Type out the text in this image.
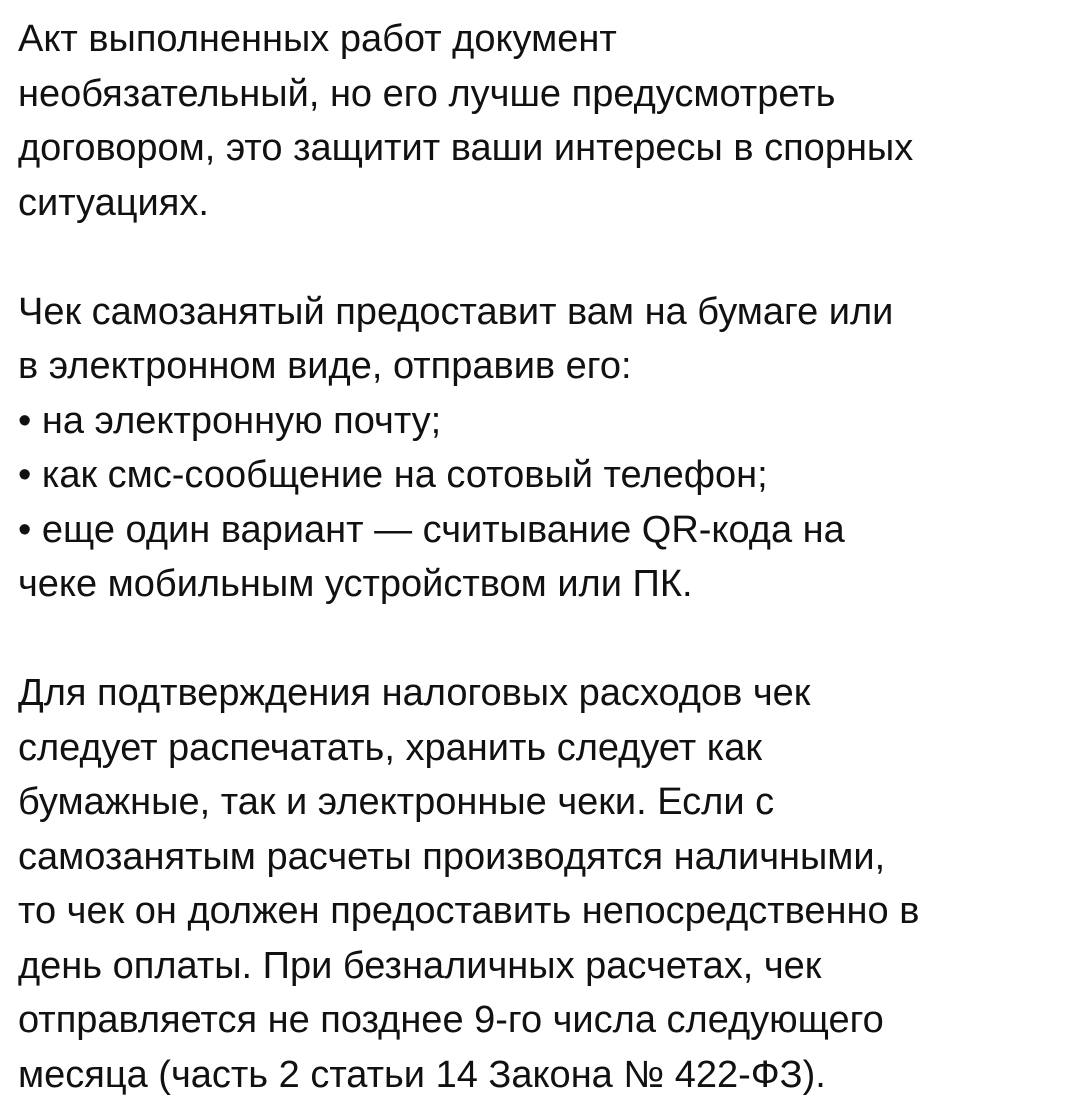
Акт выполненных работ документ
необязательный, но его лучше предусмотреть
договором, это защитит ваши интересы в спорных
ситуациях.
Чек самозанятый предоставит вам на бумаге или
в электронном виде, отправив его:
• на электронную почту;
• как смс-сообщение на сотовый телефон;
• еще один вариант — считывание QR-кода на
чеке мобильным устройством или ПК.
Для подтверждения налоговых расходов чек
следует распечатать, хранить следует как
бумажные, так и электронные чеки. Если с
самозанятым расчеты производятся наличными,
то чек он должен предоставить непосредственно в
день оплаты. При безналичных расчетах, чек
отправляется не позднее 9-го числа следующего
месяца (часть 2 статьи 14 Закона № 422-ФЗ).
